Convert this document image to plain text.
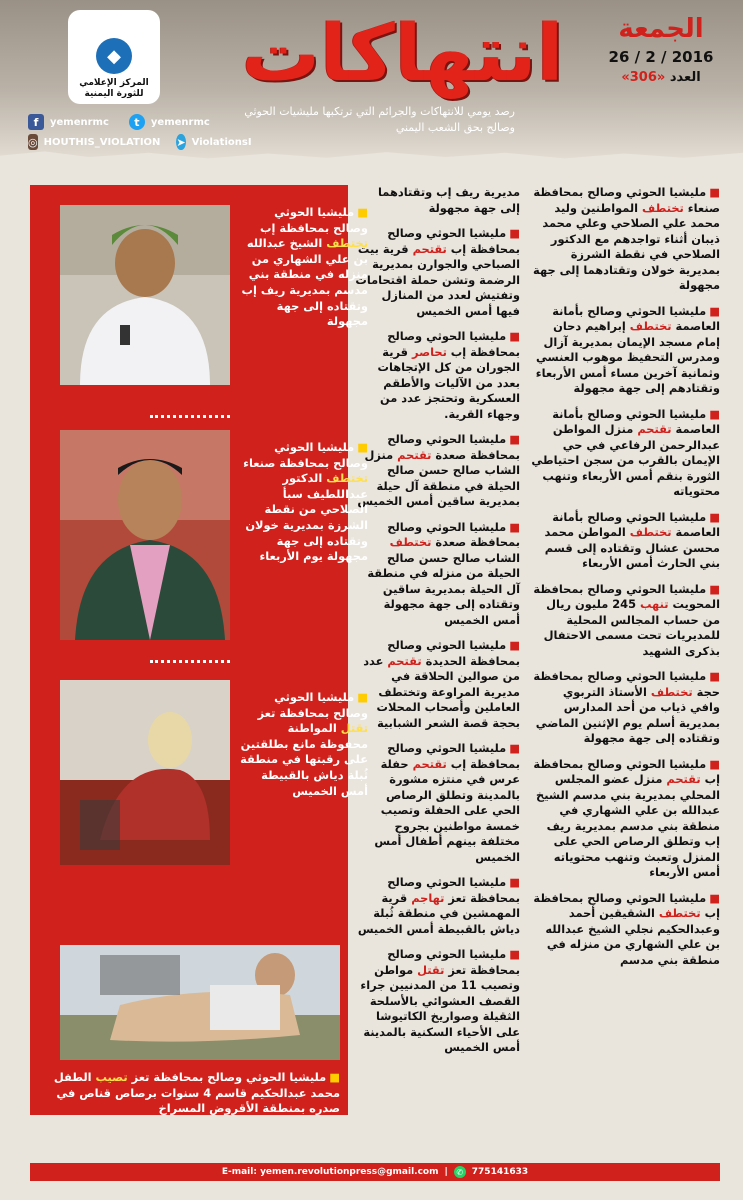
الجمعة
2016 / 2 / 26
العدد «306»
انتهاكات
رصد يومي للانتهاكات والجرائم التي ترتكبها مليشيات الحوثي
وصالح بحق الشعب اليمني
◆
المركز الإعلامي للثورة اليمنية
f	yemenrmc	t	yemenrmc
◎ HOUTHIS_VIOLATION ➤ ViolationsI
■مليشيا الحوثي وصالح بمحافظة صنعاء تختطف المواطنين وليد محمد علي الصلاحي وعلي محمد ذيبان أثناء تواجدهم مع الدكتور الصلاحي في نقطة الشرزة بمديرية خولان وتقتادهما إلى جهة مجهولة
■مليشيا الحوثي وصالح بأمانة العاصمة تختطف إبراهيم دحان إمام مسجد الإيمان بمديرية آزال ومدرس التحفيظ موهوب العنسي وثمانية آخرين مساء أمس الأربعاء وتقتادهم إلى جهة مجهولة
■مليشيا الحوثي وصالح بأمانة العاصمة تقتحم منزل المواطن عبدالرحمن الرفاعي في حي الإيمان بالقرب من سجن احتياطي الثورة بنقم أمس الأربعاء وتنهب محتوياته
■مليشيا الحوثي وصالح بأمانة العاصمة تختطف المواطن محمد محسن عشال وتقتاده إلى قسم بني الحارث أمس الأربعاء
■مليشيا الحوثي وصالح بمحافظة المحويت تنهب 245 مليون ريال من حساب المجالس المحلية للمديريات تحت مسمى الاحتفال بذكرى الشهيد
■مليشيا الحوثي وصالح بمحافظة حجة تختطف الأستاذ التربوي وافي ذياب من أحد المدارس بمديرية أسلم يوم الإثنين الماضي وتقتاده إلى جهة مجهولة
■مليشيا الحوثي وصالح بمحافظة إب تقتحم منزل عضو المجلس المحلي بمديرية بني مدسم الشيخ عبدالله بن علي الشهاري في منطقة بني مدسم بمديرية ريف إب وتطلق الرصاص الحي على المنزل وتعبث وتنهب محتوياته أمس الأربعاء
■مليشيا الحوثي وصالح بمحافظة إب تختطف الشقيقين أحمد وعبدالحكيم نجلي الشيخ عبدالله بن علي الشهاري من منزله في منطقة بني مدسم
مديرية ريف إب وتقتادهما إلى جهة مجهولة
■مليشيا الحوثي وصالح بمحافظة إب تقتحم قرية بيت الصباحي والجوارن بمديرية الرضمة وتشن حملة اقتحامات وتفتيش لعدد من المنازل فيها أمس الخميس
■مليشيا الحوثي وصالح بمحافظة إب تحاصر قرية الجوران من كل الإتجاهات بعدد من الآليات والأطقم العسكرية وتحتجز عدد من وجهاء القرية.
■مليشيا الحوثي وصالح بمحافظة صعدة تقتحم منزل الشاب صالح حسن صالح الحيلة في منطقة آل حيلة بمديرية ساقين أمس الخميس
■مليشيا الحوثي وصالح بمحافظة صعدة تختطف الشاب صالح حسن صالح الحيلة من منزله في منطقة آل الحيلة بمديرية ساقين وتقتاده إلى جهة مجهولة أمس الخميس
■مليشيا الحوثي وصالح بمحافظة الحديدة تقتحم عدد من صوالين الحلاقة في مديرية المراوعة وتختطف العاملين وأصحاب المحلات بحجة قصة الشعر الشبابية
■مليشيا الحوثي وصالح بمحافظة إب تقتحم حفلة عرس في منتزه مشورة بالمدينة وتطلق الرصاص الحي على الحفلة وتصيب خمسة مواطنين بجروح مختلفة بينهم أطفال أمس الخميس
■مليشيا الحوثي وصالح بمحافظة تعز تهاجم قرية المهمشين في منطقة ثُبلة دياش بالقبيطة أمس الخميس
■مليشيا الحوثي وصالح بمحافظة تعز تقتل مواطن وتصيب 11 من المدنيين جراء القصف العشوائي بالأسلحة الثقيلة وصواريخ الكاتيوشا على الأحياء السكنية بالمدينة أمس الخميس
■مليشيا الحوثي وصالح بمحافظة إب تختطف الشيخ عبدالله بن علي الشهاري من منزله في منطقة بني مدسم بمديرية ريف إب وتقتاده إلى جهة مجهولة
■مليشيا الحوثي وصالح بمحافظة صنعاء تختطف الدكتور عبداللطيف سبأ الصلاحي من نقطة الشرزة بمديرية خولان وتقتاده إلى جهة مجهولة يوم الأربعاء
■مليشيا الحوثي وصالح بمحافظة تعز تقتل المواطنة محفوظة مانع بطلقتين على رقبتها في منطقة ثُبلة دياش بالقبيطة أمس الخميس
■مليشيا الحوثي وصالح بمحافظة تعز تصيب الطفل محمد عبدالحكيم قاسم 4 سنوات برصاص قناص في صدره بمنطقة الأقروض المسراخ
E-mail: yemen.revolutionpress@gmail.com |	✆ 775141633
